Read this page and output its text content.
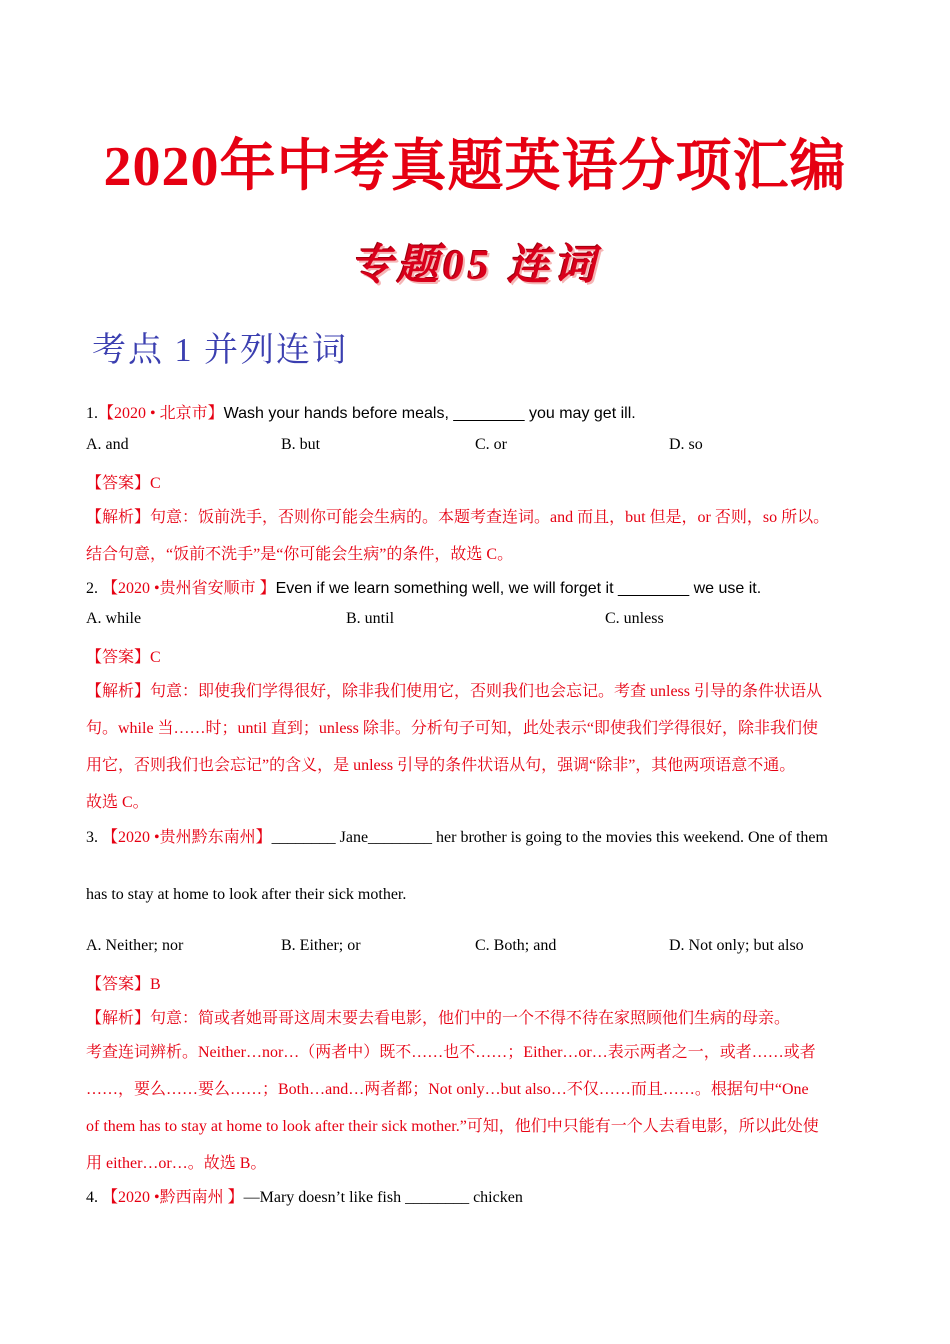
2020年中考真题英语分项汇编
专题05 连词
考点 1 并列连词
1.【2020 • 北京市】Wash your hands before meals, ________ you may get ill.
A. and	B. but	C. or	D. so
【答案】C
【解析】句意：饭前洗手，否则你可能会生病的。本题考查连词。and 而且，but 但是，or 否则，so 所以。
结合句意，“饭前不洗手”是“你可能会生病”的条件，故选 C。
2. 【2020 •贵州省安顺市 】Even if we learn something well, we will forget it ________ we use it.
A. while	B. until	C. unless
【答案】C
【解析】句意：即使我们学得很好，除非我们使用它，否则我们也会忘记。考查 unless 引导的条件状语从
句。while 当……时；until 直到；unless 除非。分析句子可知，此处表示“即使我们学得很好，除非我们使
用它，否则我们也会忘记”的含义，是 unless 引导的条件状语从句，强调“除非”，其他两项语意不通。
故选 C。
3. 【2020 •贵州黔东南州】________ Jane________ her brother is going to the movies this weekend. One of them
has to stay at home to look after their sick mother.
A. Neither; nor	B. Either; or	C. Both; and	D. Not only; but also
【答案】B
【解析】句意：简或者她哥哥这周末要去看电影，他们中的一个不得不待在家照顾他们生病的母亲。
考查连词辨析。Neither…nor…（两者中）既不……也不……；Either…or…表示两者之一，或者……或者
……，要么……要么……；Both…and…两者都；Not only…but also…不仅……而且……。根据句中“One
of them has to stay at home to look after their sick mother.”可知，他们中只能有一个人去看电影，所以此处使
用 either…or…。故选 B。
4. 【2020 •黔西南州 】—Mary doesn’t like fish ________ chicken
